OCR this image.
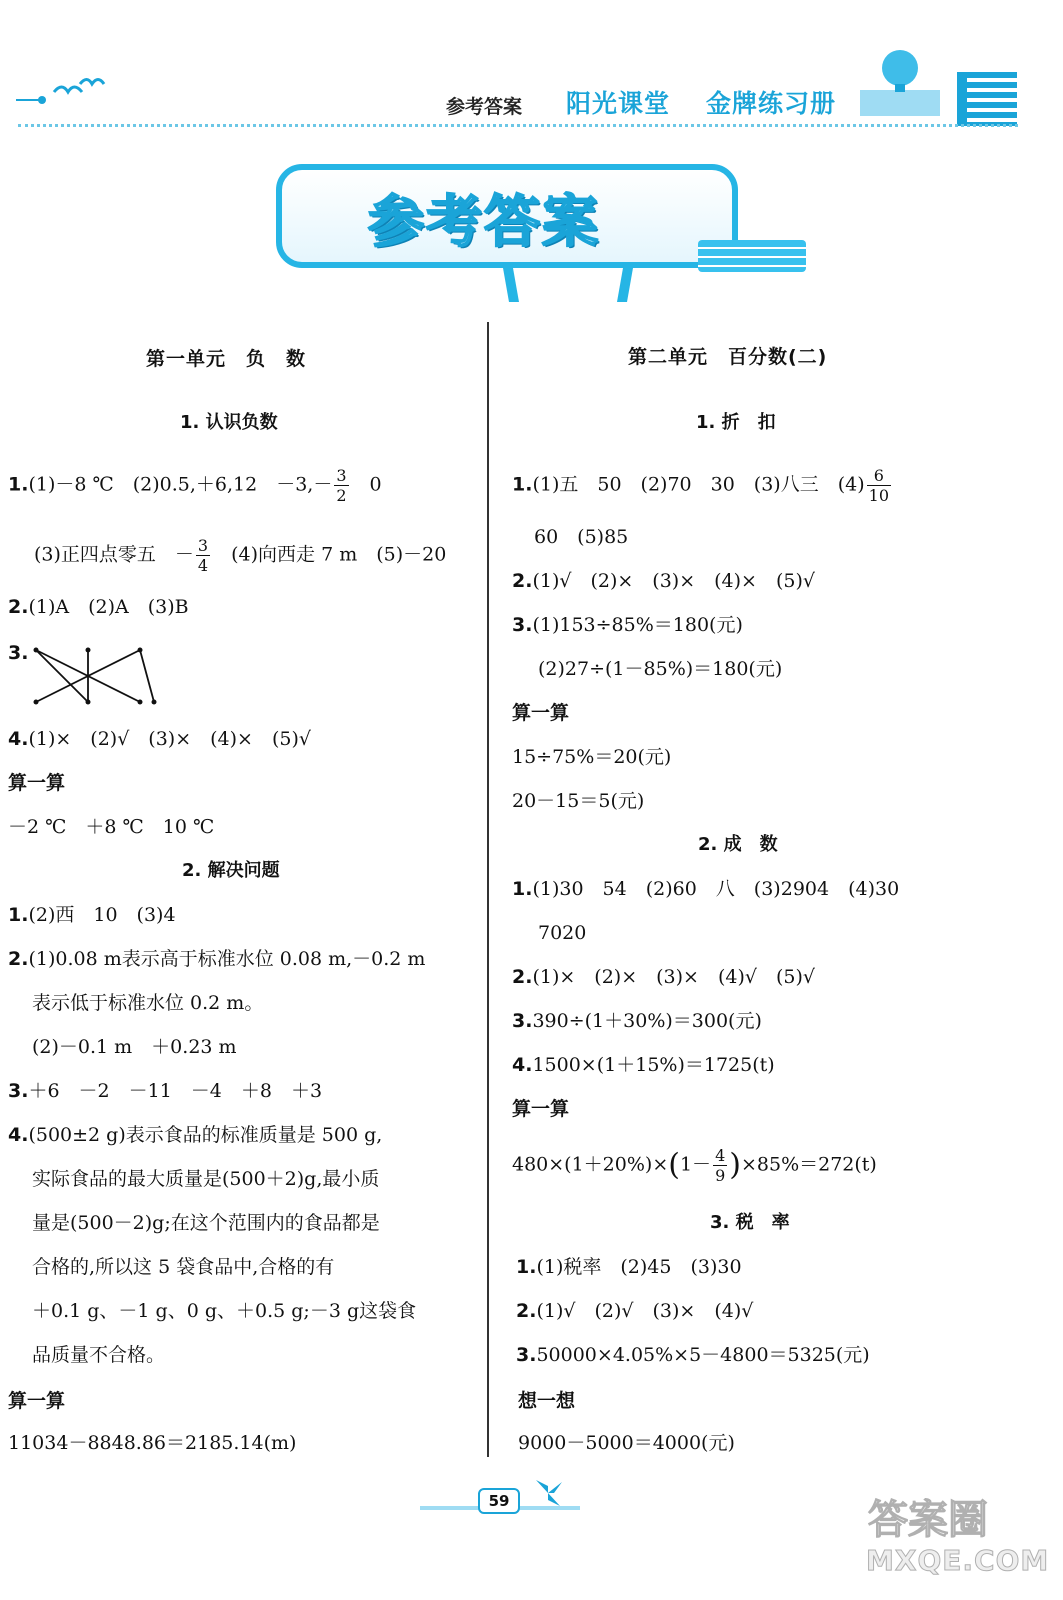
参考答案 阳光课堂 金牌练习册
参考答案
第一单元　负　数
1. 认识负数
1.(1)－8 ℃　(2)0.5,＋6,12　$-3,- \frac{3}{2}$ 　0
(3)正四点零五　－ $\frac{3}{4}$ 　(4)向西走 7 m　(5)－20
2.(1)A　(2)A　(3)B
3.
4.(1)×　(2)√　(3)×　(4)×　(5)√
算一算
－2 ℃　＋8 ℃　10 ℃
2. 解决问题
1.(2)西　10　(3)4
2.(1)0.08 m表示高于标准水位 0.08 m,－0.2 m
表示低于标准水位 0.2 m。
(2)－0.1 m　＋0.23 m
3.＋6　－2　－11　－4　＋8　＋3
4.(500±2 g)表示食品的标准质量是 500 g,
实际食品的最大质量是(500＋2)g,最小质
量是(500－2)g;在这个范围内的食品都是
合格的,所以这 5 袋食品中,合格的有
＋0.1 g、－1 g、0 g、＋0.5 g;－3 g这袋食
品质量不合格。
算一算
11034－8848.86＝2185.14(m)
第二单元　百分数(二)
1. 折　扣
1.(1)五　50　(2)70　30　(3)八三　$(4) \frac{6}{10}$
60　(5)85
2.(1)√　(2)×　(3)×　(4)×　(5)√
3.(1)153÷85%＝180(元)
(2)27÷(1－85%)＝180(元)
算一算
15÷75%＝20(元)
20－15＝5(元)
2. 成　数
1.(1)30　54　(2)60　八　(3)2904　(4)30
7020
2.(1)×　(2)×　(3)×　(4)√　(5)√
3.390÷(1＋30%)＝300(元)
4.1500×(1＋15%)＝1725(t)
算一算
$480\times(1+20\%)\times(1- \frac{4}{9} )\times 85\%=272(t)$
3. 税　率
1.(1)税率　(2)45　(3)30
2.(1)√　(2)√　(3)×　(4)√
3.50000×4.05%×5－4800＝5325(元)
想一想
9000－5000＝4000(元)
59	答案圈
MXQE.COM
